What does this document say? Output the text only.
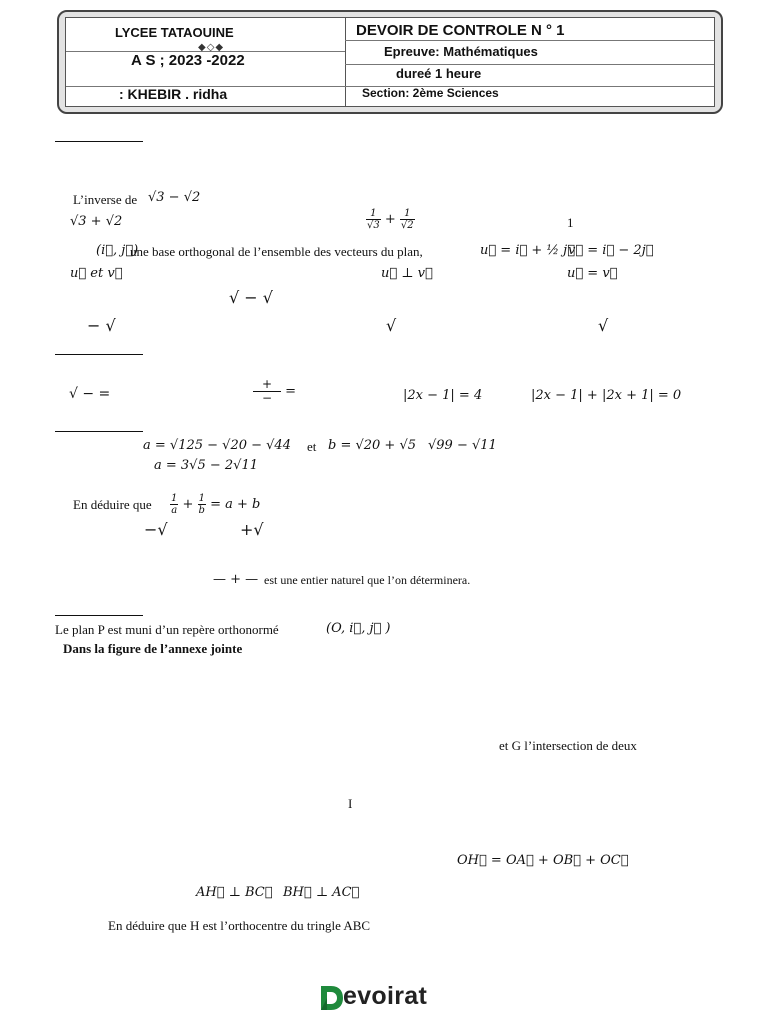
LYCEE TATAOUINE
◆◇◆
A S ; 2023 -2022
: KHEBIR . ridha
DEVOIR DE CONTROLE N ° 1
Epreuve: Mathématiques
dureé 1 heure
Section: 2ème Sciences
L’inverse de √3 − √2
√3 + √2	$\frac{1}{√3} + \frac{1}{√2}$	1
(i⃗, j⃗)
une base orthogonal de l’ensemble des vecteurs du plan,	u⃗ = i⃗ + ½ j⃗
v⃗ = i⃗ − 2j⃗
u⃗ et v⃗	u⃗ ⊥ v⃗	u⃗ = v⃗
√ − √
− √	√	√
√ − =	$\frac{+}{-}$ =	|2x − 1| = 4	|2x − 1| + |2x + 1| = 0
a = √125 − √20 − √44 et b = √20 + √5 √99 − √11
a = 3√5 − 2√11
En déduire que $\frac{1}{a} + \frac{1}{b} = a + b$
−√	+√
— + — est une entier naturel que l’on déterminera.
Le plan P est muni d’un repère orthonormé	(O, i⃗, j⃗ )
Dans la figure de l’annexe jointe
et G l’intersection de deux
I
OH⃗ = OA⃗ + OB⃗ + OC⃗
AH⃗ ⊥ BC⃗ BH⃗ ⊥ AC⃗
En déduire que H est l’orthocentre du tringle ABC
evoirat
